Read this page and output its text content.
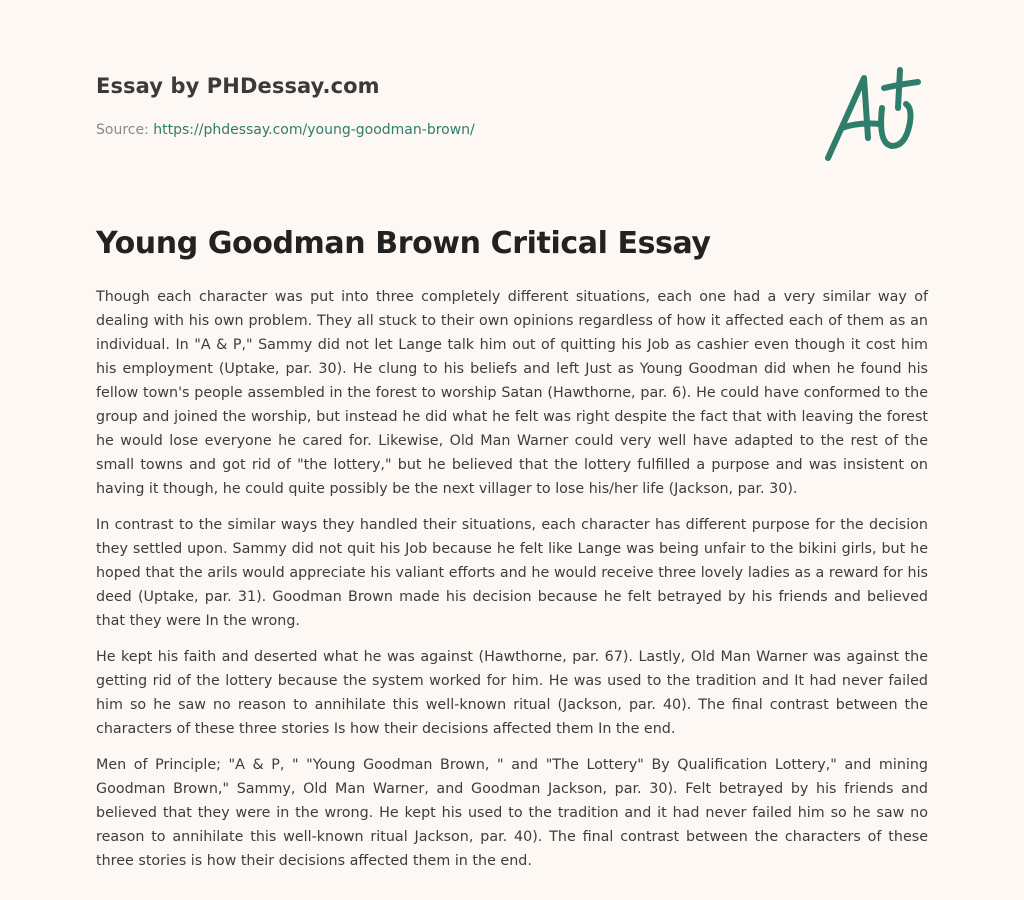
Essay by PHDessay.com
Source: https://phdessay.com/young-goodman-brown/
Young Goodman Brown Critical Essay

Though each character was put into three completely different situations, each one had a very similar way of dealing with his own problem. They all stuck to their own opinions regardless of how it affected each of them as an individual. In "A & P," Sammy did not let Lange talk him out of quitting his Job as cashier even though it cost him his employment (Uptake, par. 30). He clung to his beliefs and left Just as Young Goodman did when he found his fellow town's people assembled in the forest to worship Satan (Hawthorne, par. 6). He could have conformed to the group and joined the worship, but instead he did what he felt was right despite the fact that with leaving the forest he would lose everyone he cared for. Likewise, Old Man Warner could very well have adapted to the rest of the small towns and got rid of "the lottery," but he believed that the lottery fulfilled a purpose and was insistent on having it though, he could quite possibly be the next villager to lose his/her life (Jackson, par. 30).

In contrast to the similar ways they handled their situations, each character has different purpose for the decision they settled upon. Sammy did not quit his Job because he felt like Lange was being unfair to the bikini girls, but he hoped that the arils would appreciate his valiant efforts and he would receive three lovely ladies as a reward for his deed (Uptake, par. 31). Goodman Brown made his decision because he felt betrayed by his friends and believed that they were In the wrong.

He kept his faith and deserted what he was against (Hawthorne, par. 67). Lastly, Old Man Warner was against the getting rid of the lottery because the system worked for him. He was used to the tradition and It had never failed him so he saw no reason to annihilate this well-known ritual (Jackson, par. 40). The final contrast between the characters of these three stories Is how their decisions affected them In the end.

Men of Principle; "A & P, " "Young Goodman Brown, " and "The Lottery" By Qualification Lottery," and mining Goodman Brown," Sammy, Old Man Warner, and Goodman Jackson, par. 30). Felt betrayed by his friends and believed that they were in the wrong. He kept his used to the tradition and it had never failed him so he saw no reason to annihilate this well-known ritual Jackson, par. 40). The final contrast between the characters of these three stories is how their decisions affected them in the end.
